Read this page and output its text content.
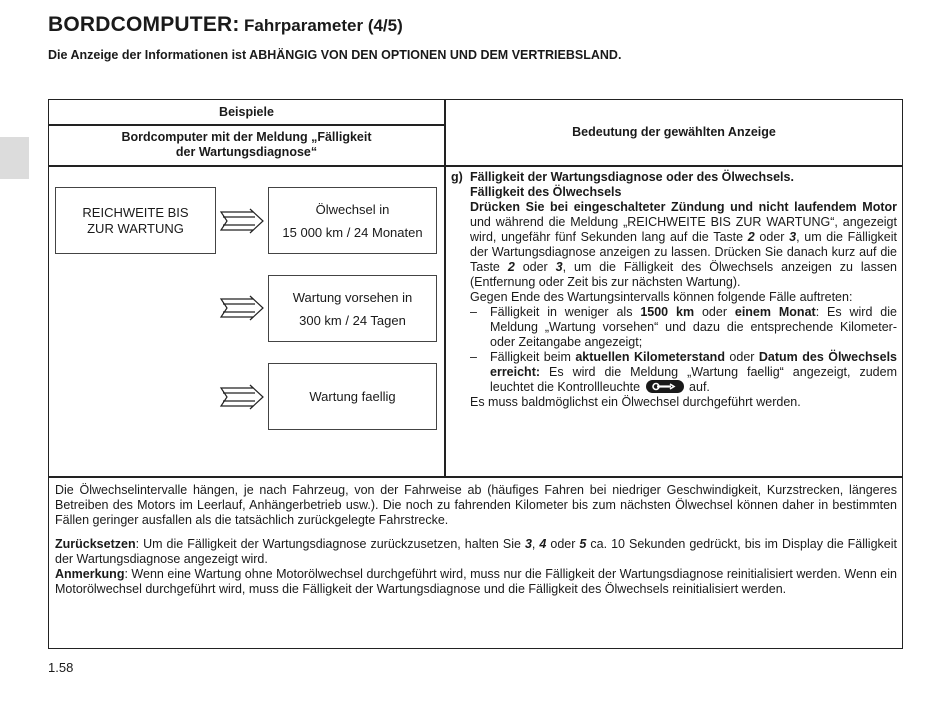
BORDCOMPUTER: Fahrparameter (4/5)
Die Anzeige der Informationen ist ABHÄNGIG VON DEN OPTIONEN UND DEM VERTRIEBSLAND.
Beispiele
Bordcomputer mit der Meldung „Fälligkeit
der Wartungsdiagnose“
Bedeutung der gewählten Anzeige
REICHWEITE BIS
ZUR WARTUNG
Ölwechsel in
15 000 km / 24 Monaten
Wartung vorsehen in
300 km / 24 Tagen
Wartung faellig
g) Fälligkeit der Wartungsdiagnose oder des Ölwechsels.
Fälligkeit des Ölwechsels
Drücken Sie bei eingeschalteter Zündung und nicht laufendem Motor und während die Meldung „REICHWEITE BIS ZUR WARTUNG“, angezeigt wird, ungefähr fünf Sekunden lang auf die Taste 2 oder 3, um die Fälligkeit der Wartungsdiagnose anzeigen zu lassen. Drücken Sie danach kurz auf die Taste 2 oder 3, um die Fälligkeit des Ölwechsels anzeigen zu lassen (Entfernung oder Zeit bis zur nächsten Wartung).
Gegen Ende des Wartungsintervalls können folgende Fälle auftreten:
– Fälligkeit in weniger als 1500 km oder einem Monat: Es wird die Meldung „Wartung vorsehen“ und dazu die entsprechende Kilometer- oder Zeitangabe angezeigt;
– Fälligkeit beim aktuellen Kilometerstand oder Datum des Ölwechsels erreicht: Es wird die Meldung „Wartung faellig“ angezeigt, zudem leuchtet die Kontrollleuchte	auf.
Es muss baldmöglichst ein Ölwechsel durchgeführt werden.

Die Ölwechselintervalle hängen, je nach Fahrzeug, von der Fahrweise ab (häufiges Fahren bei niedriger Geschwindigkeit, Kurzstrecken, längeres Betreiben des Motors im Leerlauf, Anhängerbetrieb usw.). Die noch zu fahrenden Kilometer bis zum nächsten Ölwechsel können daher in bestimmten Fällen geringer ausfallen als die tatsächlich zurückgelegte Fahrstrecke.

Zurücksetzen: Um die Fälligkeit der Wartungsdiagnose zurückzusetzen, halten Sie 3, 4 oder 5 ca. 10 Sekunden gedrückt, bis im Display die Fälligkeit der Wartungsdiagnose angezeigt wird.

Anmerkung: Wenn eine Wartung ohne Motorölwechsel durchgeführt wird, muss nur die Fälligkeit der Wartungsdiagnose reinitialisiert werden. Wenn ein Motorölwechsel durchgeführt wird, muss die Fälligkeit der Wartungsdiagnose und die Fälligkeit des Ölwechsels reinitialisiert werden.

1.58
